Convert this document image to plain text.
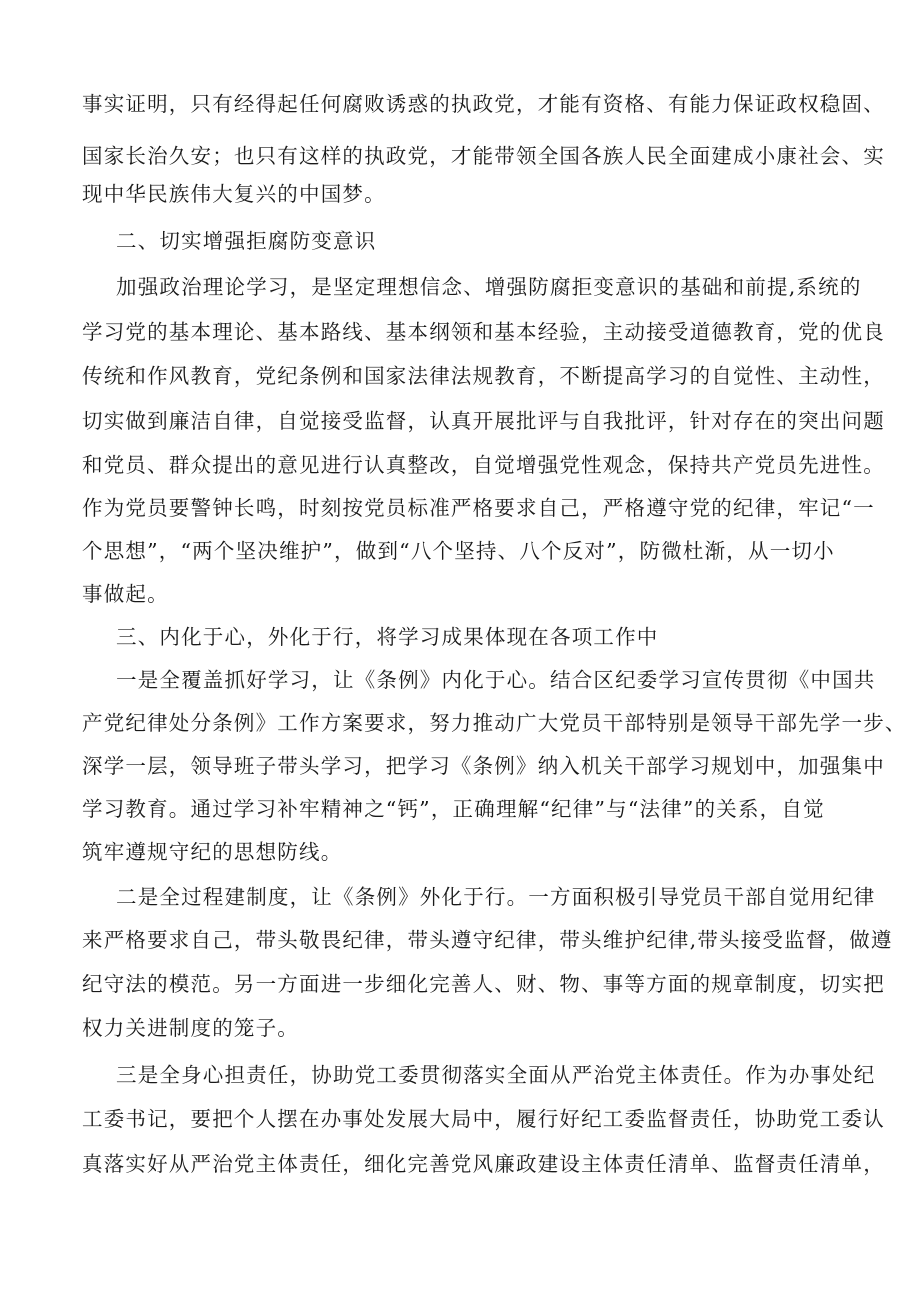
事实证明，只有经得起任何腐败诱惑的执政党，才能有资格、有能力保证政权稳固、

国家长治久安；也只有这样的执政党，才能带领全国各族人民全面建成小康社会、实

现中华民族伟大复兴的中国梦。

二、切实增强拒腐防变意识

加强政治理论学习，是坚定理想信念、增强防腐拒变意识的基础和前提,系统的

学习党的基本理论、基本路线、基本纲领和基本经验，主动接受道德教育，党的优良

传统和作风教育，党纪条例和国家法律法规教育，不断提高学习的自觉性、主动性，

切实做到廉洁自律，自觉接受监督，认真开展批评与自我批评，针对存在的突出问题

和党员、群众提出的意见进行认真整改，自觉增强党性观念，保持共产党员先进性。

作为党员要警钟长鸣，时刻按党员标准严格要求自己，严格遵守党的纪律，牢记“一

个思想”，“两个坚决维护”，做到“八个坚持、八个反对”，防微杜渐，从一切小

事做起。

三、内化于心，外化于行，将学习成果体现在各项工作中

一是全覆盖抓好学习，让《条例》内化于心。结合区纪委学习宣传贯彻《中国共

产党纪律处分条例》工作方案要求，努力推动广大党员干部特别是领导干部先学一步、

深学一层，领导班子带头学习，把学习《条例》纳入机关干部学习规划中，加强集中

学习教育。通过学习补牢精神之“钙”，正确理解“纪律”与“法律”的关系，自觉

筑牢遵规守纪的思想防线。

二是全过程建制度，让《条例》外化于行。一方面积极引导党员干部自觉用纪律

来严格要求自己，带头敬畏纪律，带头遵守纪律，带头维护纪律,带头接受监督，做遵

纪守法的模范。另一方面进一步细化完善人、财、物、事等方面的规章制度，切实把

权力关进制度的笼子。

三是全身心担责任，协助党工委贯彻落实全面从严治党主体责任。作为办事处纪

工委书记，要把个人摆在办事处发展大局中，履行好纪工委监督责任，协助党工委认

真落实好从严治党主体责任，细化完善党风廉政建设主体责任清单、监督责任清单，
